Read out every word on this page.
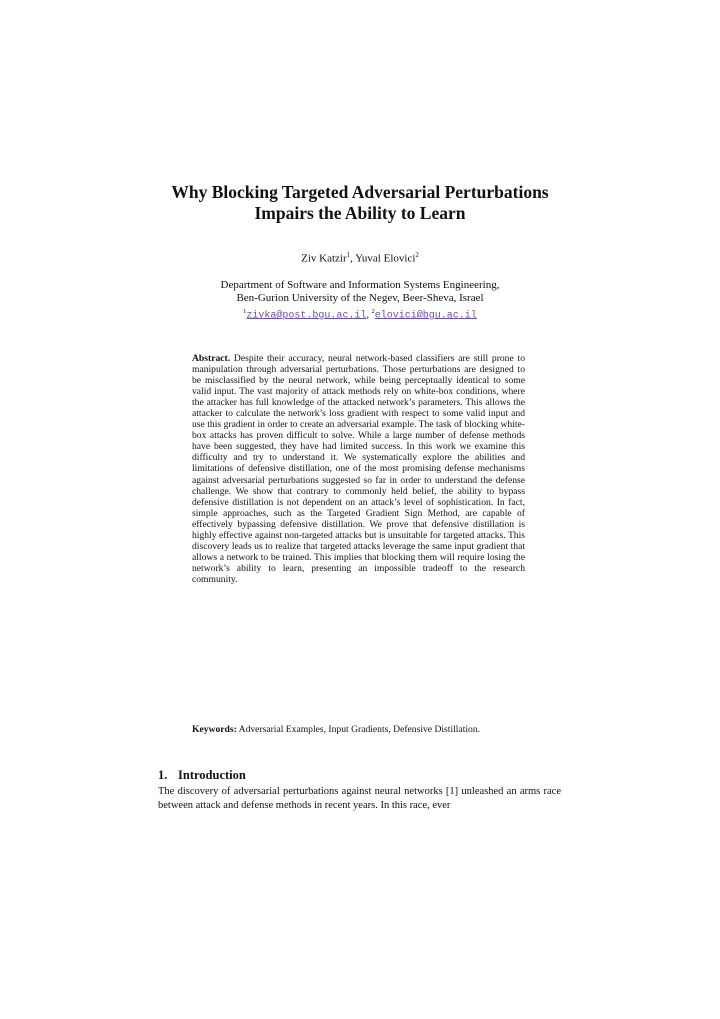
Why Blocking Targeted Adversarial Perturbations
Impairs the Ability to Learn
Ziv Katzir$^1$, Yuval Elovici$^2$
Department of Software and Information Systems Engineering,
Ben-Gurion University of the Negev, Beer-Sheva, Israel
$^1$zivka@post.bgu.ac.il, $^2$elovici@bgu.ac.il
Abstract. Despite their accuracy, neural network-based classifiers are still prone to manipulation through adversarial perturbations. Those perturbations are designed to be misclassified by the neural network, while being perceptually identical to some valid input. The vast majority of attack methods rely on white-box conditions, where the attacker has full knowledge of the attacked network’s parameters. This allows the attacker to calculate the network’s loss gradient with respect to some valid input and use this gradient in order to create an adversarial example. The task of blocking white-box attacks has proven difficult to solve. While a large number of defense methods have been suggested, they have had limited success. In this work we examine this difficulty and try to understand it. We systematically explore the abilities and limitations of defensive distillation, one of the most promising defense mechanisms against adversarial perturbations suggested so far in order to understand the defense challenge. We show that contrary to commonly held belief, the ability to bypass defensive distillation is not dependent on an attack’s level of sophistication. In fact, simple approaches, such as the Targeted Gradient Sign Method, are capable of effectively bypassing defensive distillation. We prove that defensive distillation is highly effective against non-targeted attacks but is unsuitable for targeted attacks. This discovery leads us to realize that targeted attacks leverage the same input gradient that allows a network to be trained. This implies that blocking them will require losing the network’s ability to learn, presenting an impossible tradeoff to the research community.
Keywords: Adversarial Examples, Input Gradients, Defensive Distillation.
1. Introduction
The discovery of adversarial perturbations against neural networks [1] unleashed an arms race between attack and defense methods in recent years. In this race, ever
